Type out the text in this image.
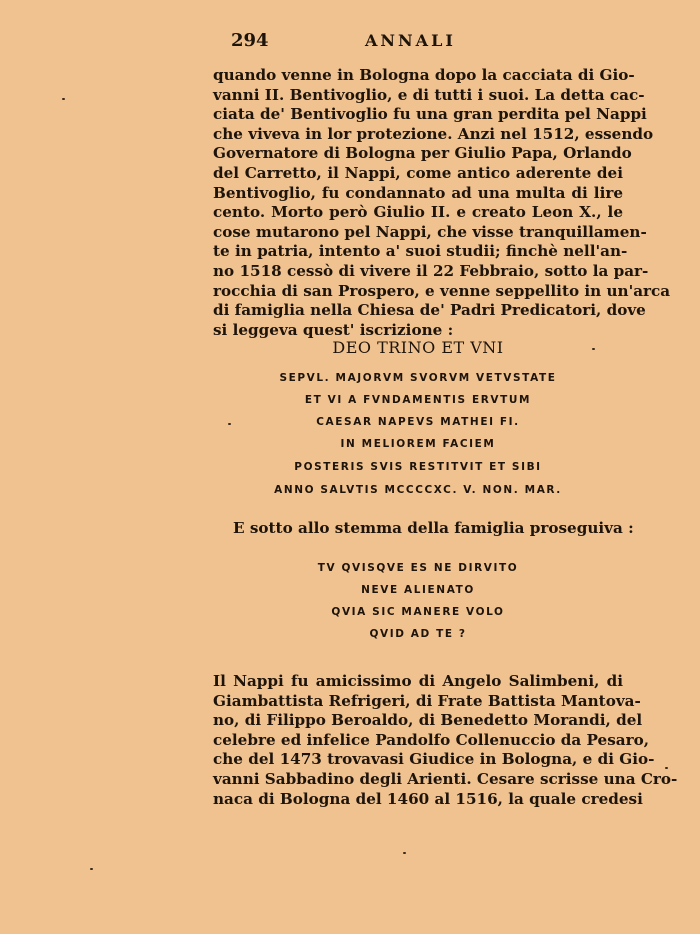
294	ANNALI
quando venne in Bologna dopo la cacciata di Gio-
vanni II. Bentivoglio, e di tutti i suoi. La detta cac-
ciata de' Bentivoglio fu una gran perdita pel Nappi
che viveva in lor protezione. Anzi nel 1512, essendo
Governatore di Bologna per Giulio Papa, Orlando
del Carretto, il Nappi, come antico aderente dei
Bentivoglio, fu condannato ad una multa di lire
cento. Morto però Giulio II. e creato Leon X., le
cose mutarono pel Nappi, che visse tranquillamen-
te in patria, intento a' suoi studii; finchè nell'an-
no 1518 cessò di vivere il 22 Febbraio, sotto la par-
rocchia di san Prospero, e venne seppellito in un'arca
di famiglia nella Chiesa de' Padri Predicatori, dove
si leggeva quest' iscrizione :
DEO TRINO ET VNI
SEPVL. MAJORVM SVORVM VETVSTATE
ET VI A FVNDAMENTIS ERVTUM
CAESAR NAPEVS MATHEI FI.
IN MELIOREM FACIEM
POSTERIS SVIS RESTITVIT ET SIBI
ANNO SALVTIS MCCCCXC. V. NON. MAR.
E sotto allo stemma della famiglia proseguiva :
TV QVISQVE ES NE DIRVITO
NEVE ALIENATO
QVIA SIC MANERE VOLO
QVID AD TE ?
Il Nappi fu amicissimo di Angelo Salimbeni, di
Giambattista Refrigeri, di Frate Battista Mantova-
no, di Filippo Beroaldo, di Benedetto Morandi, del
celebre ed infelice Pandolfo Collenuccio da Pesaro,
che del 1473 trovavasi Giudice in Bologna, e di Gio-
vanni Sabbadino degli Arienti. Cesare scrisse una Cro-
naca di Bologna del 1460 al 1516, la quale credesi
